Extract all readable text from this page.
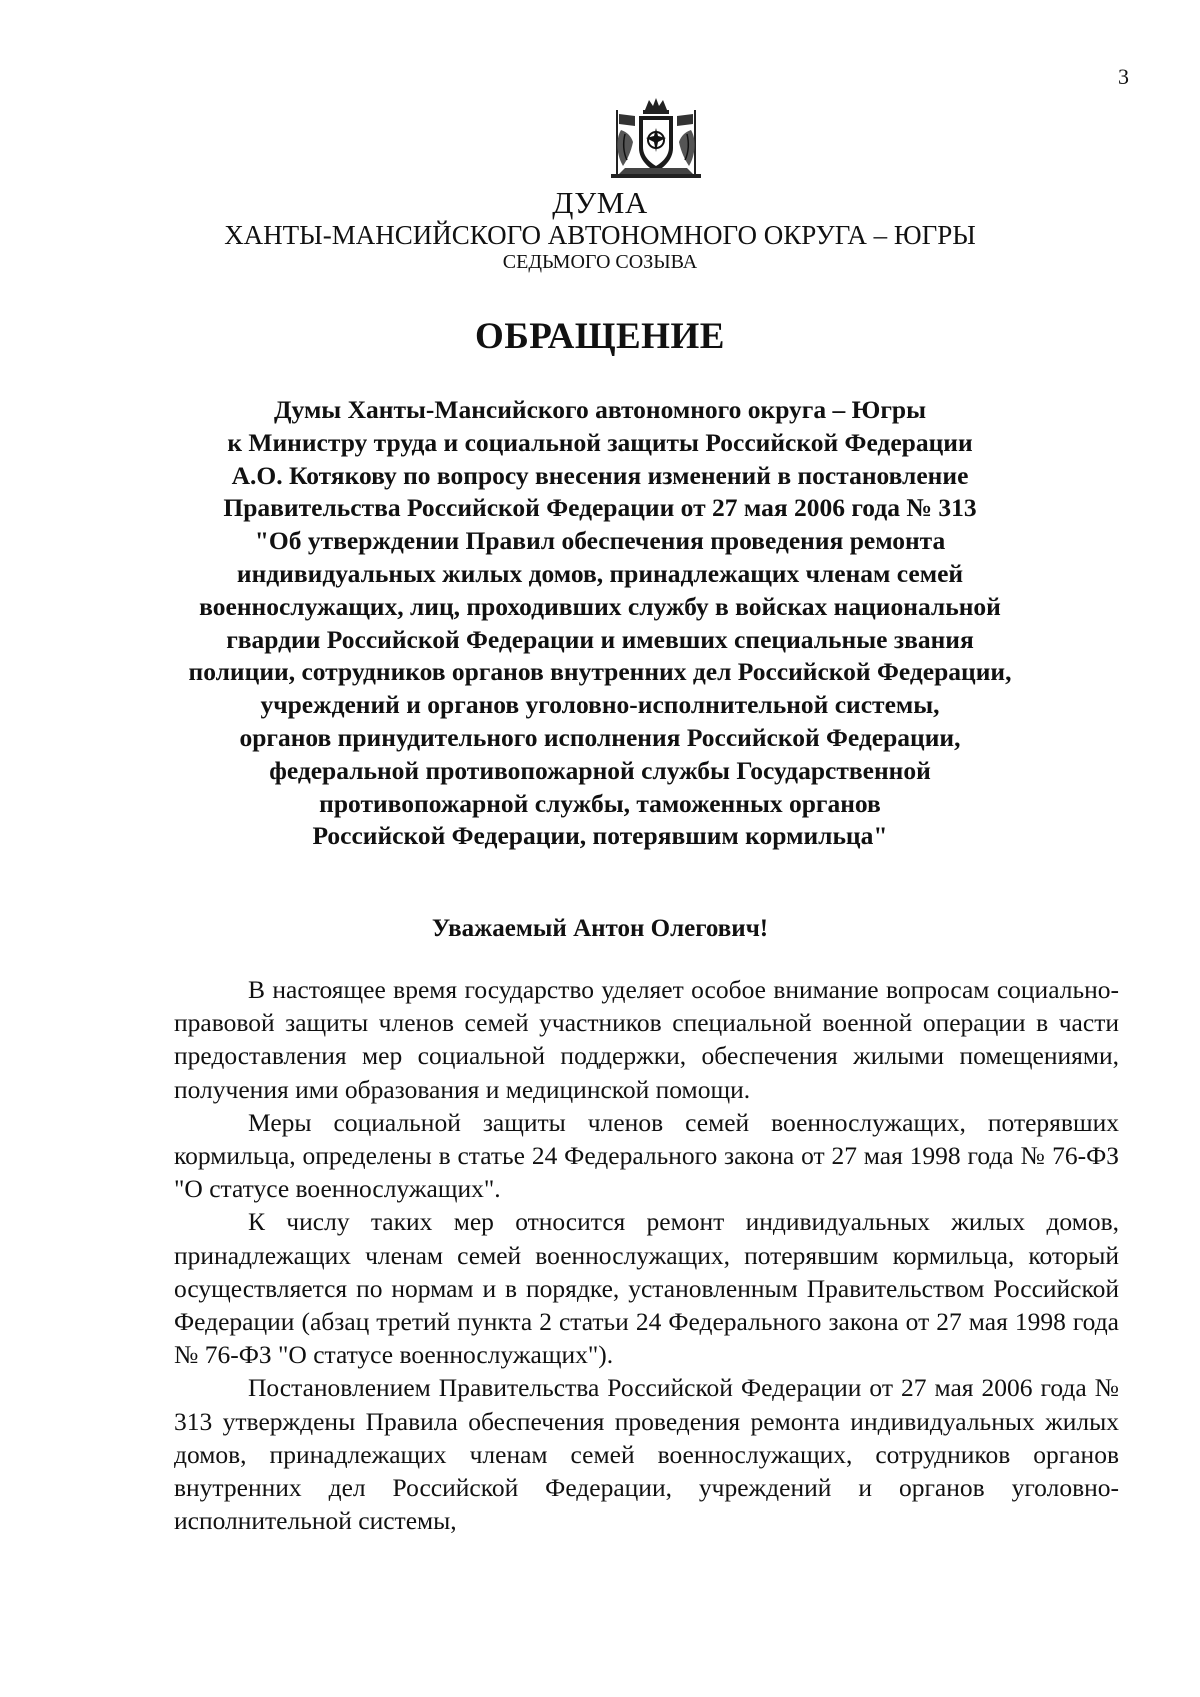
3
ДУМА
ХАНТЫ-МАНСИЙСКОГО АВТОНОМНОГО ОКРУГА – ЮГРЫ
СЕДЬМОГО СОЗЫВА
ОБРАЩЕНИЕ
Думы Ханты-Мансийского автономного округа – Югры
к Министру труда и социальной защиты Российской Федерации
А.О. Котякову по вопросу внесения изменений в постановление
Правительства Российской Федерации от 27 мая 2006 года № 313
"Об утверждении Правил обеспечения проведения ремонта
индивидуальных жилых домов, принадлежащих членам семей
военнослужащих, лиц, проходивших службу в войсках национальной
гвардии Российской Федерации и имевших специальные звания
полиции, сотрудников органов внутренних дел Российской Федерации,
учреждений и органов уголовно-исполнительной системы,
органов принудительного исполнения Российской Федерации,
федеральной противопожарной службы Государственной
противопожарной службы, таможенных органов
Российской Федерации, потерявшим кормильца"
Уважаемый Антон Олегович!

В настоящее время государство уделяет особое внимание вопросам социально-правовой защиты членов семей участников специальной военной операции в части предоставления мер социальной поддержки, обеспечения жилыми помещениями, получения ими образования и медицинской помощи.

Меры социальной защиты членов семей военнослужащих, потерявших кормильца, определены в статье 24 Федерального закона от 27 мая 1998 года № 76-ФЗ "О статусе военнослужащих".

К числу таких мер относится ремонт индивидуальных жилых домов, принадлежащих членам семей военнослужащих, потерявшим кормильца, который осуществляется по нормам и в порядке, установленным Правительством Российской Федерации (абзац третий пункта 2 статьи 24 Федерального закона от 27 мая 1998 года № 76-ФЗ "О статусе военнослужащих").

Постановлением Правительства Российской Федерации от 27 мая 2006 года № 313 утверждены Правила обеспечения проведения ремонта индивидуальных жилых домов, принадлежащих членам семей военнослужащих, сотрудников органов внутренних дел Российской Федерации, учреждений и органов уголовно-исполнительной системы,
